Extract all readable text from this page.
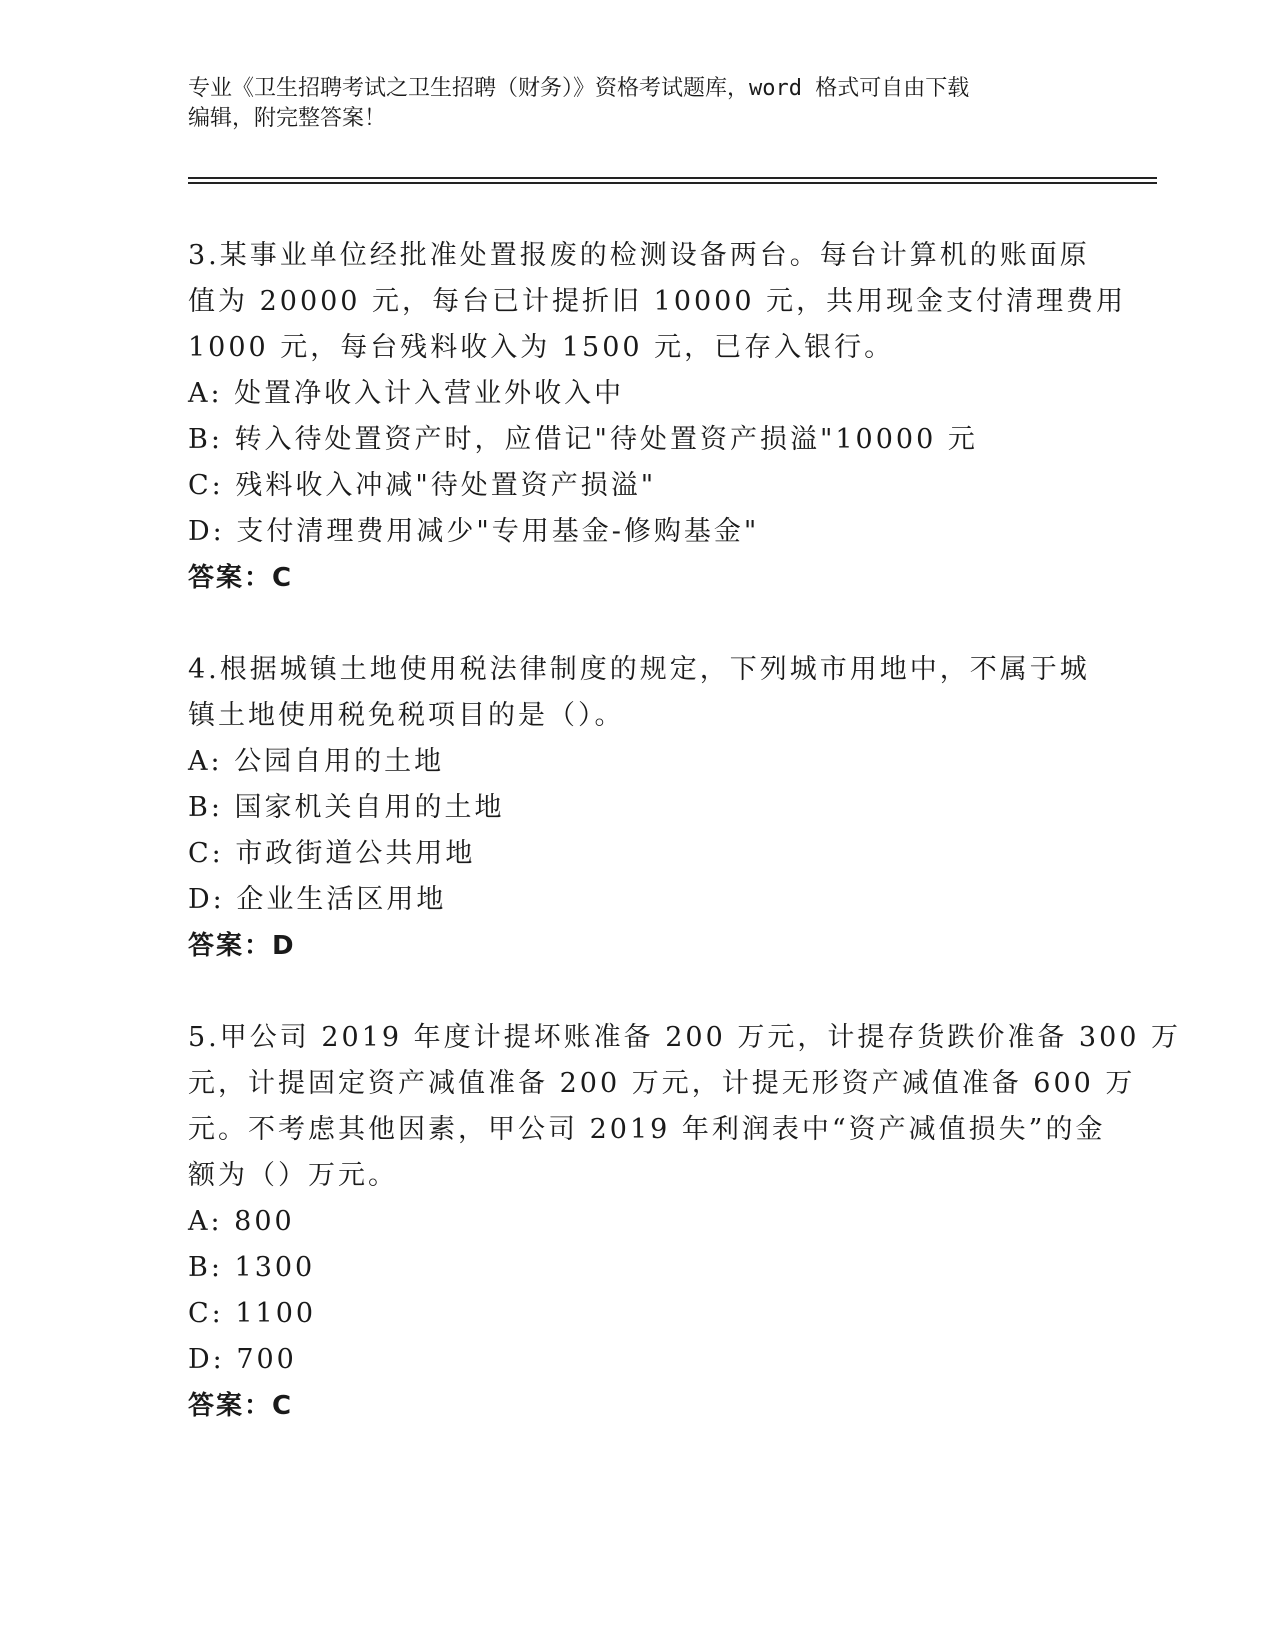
专业《卫生招聘考试之卫生招聘（财务）》资格考试题库，word 格式可自由下载
编辑，附完整答案！
3.某事业单位经批准处置报废的检测设备两台。每台计算机的账面原
值为 20000 元，每台已计提折旧 10000 元，共用现金支付清理费用
1000 元，每台残料收入为 1500 元，已存入银行。
A: 处置净收入计入营业外收入中
B: 转入待处置资产时，应借记"待处置资产损溢"10000 元
C: 残料收入冲减"待处置资产损溢"
D: 支付清理费用减少"专用基金-修购基金"
答案：C
4.根据城镇土地使用税法律制度的规定，下列城市用地中，不属于城
镇土地使用税免税项目的是（）。
A: 公园自用的土地
B: 国家机关自用的土地
C: 市政街道公共用地
D: 企业生活区用地
答案：D
5.甲公司 2019 年度计提坏账准备 200 万元，计提存货跌价准备 300 万
元，计提固定资产减值准备 200 万元，计提无形资产减值准备 600 万
元。不考虑其他因素，甲公司 2019 年利润表中“资产减值损失”的金
额为（）万元。
A: 800
B: 1300
C: 1100
D: 700
答案：C
